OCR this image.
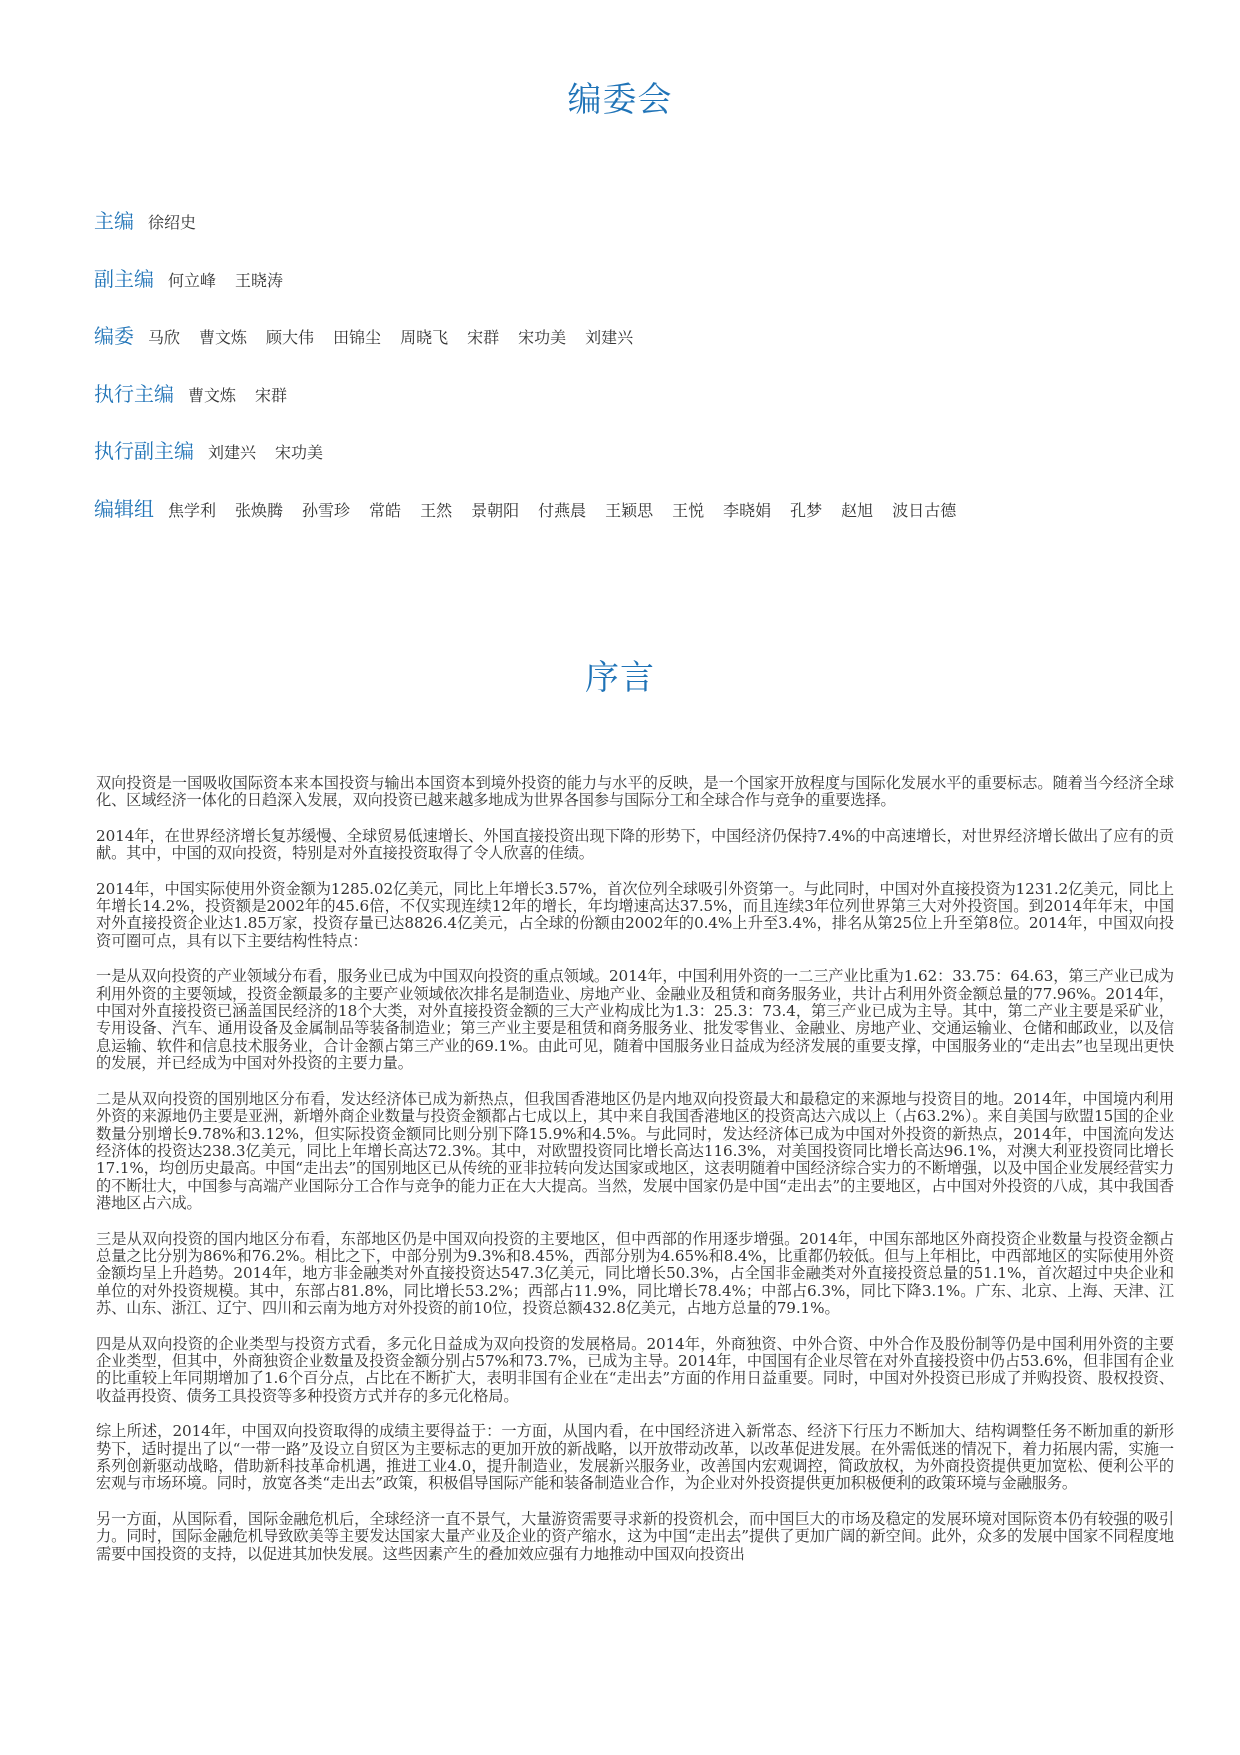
编委会
主编 徐绍史
副主编 何立峰 王晓涛
编委 马欣 曹文炼 顾大伟 田锦尘 周晓飞 宋群 宋功美 刘建兴
执行主编 曹文炼 宋群
执行副主编 刘建兴 宋功美
编辑组 焦学利 张焕腾 孙雪珍 常皓 王然 景朝阳 付燕晨 王颖思 王悦 李晓娟 孔梦 赵旭 波日古德
序言

双向投资是一国吸收国际资本来本国投资与输出本国资本到境外投资的能力与水平的反映，是一个国家开放程度与国际化发展水平的重要标志。随着当今经济全球化、区域经济一体化的日趋深入发展，双向投资已越来越多地成为世界各国参与国际分工和全球合作与竞争的重要选择。

2014年，在世界经济增长复苏缓慢、全球贸易低速增长、外国直接投资出现下降的形势下，中国经济仍保持7.4%的中高速增长，对世界经济增长做出了应有的贡献。其中，中国的双向投资，特别是对外直接投资取得了令人欣喜的佳绩。

2014年，中国实际使用外资金额为1285.02亿美元，同比上年增长3.57%，首次位列全球吸引外资第一。与此同时，中国对外直接投资为1231.2亿美元，同比上年增长14.2%，投资额是2002年的45.6倍，不仅实现连续12年的增长，年均增速高达37.5%，而且连续3年位列世界第三大对外投资国。到2014年年末，中国对外直接投资企业达1.85万家，投资存量已达8826.4亿美元，占全球的份额由2002年的0.4%上升至3.4%，排名从第25位上升至第8位。2014年，中国双向投资可圈可点，具有以下主要结构性特点：

一是从双向投资的产业领域分布看，服务业已成为中国双向投资的重点领域。2014年，中国利用外资的一二三产业比重为1.62：33.75：64.63，第三产业已成为利用外资的主要领域，投资金额最多的主要产业领域依次排名是制造业、房地产业、金融业及租赁和商务服务业，共计占利用外资金额总量的77.96%。2014年，中国对外直接投资已涵盖国民经济的18个大类，对外直接投资金额的三大产业构成比为1.3：25.3：73.4，第三产业已成为主导。其中，第二产业主要是采矿业，专用设备、汽车、通用设备及金属制品等装备制造业；第三产业主要是租赁和商务服务业、批发零售业、金融业、房地产业、交通运输业、仓储和邮政业，以及信息运输、软件和信息技术服务业，合计金额占第三产业的69.1%。由此可见，随着中国服务业日益成为经济发展的重要支撑，中国服务业的“走出去”也呈现出更快的发展，并已经成为中国对外投资的主要力量。

二是从双向投资的国别地区分布看，发达经济体已成为新热点，但我国香港地区仍是内地双向投资最大和最稳定的来源地与投资目的地。2014年，中国境内利用外资的来源地仍主要是亚洲，新增外商企业数量与投资金额都占七成以上，其中来自我国香港地区的投资高达六成以上（占63.2%）。来自美国与欧盟15国的企业数量分别增长9.78%和3.12%，但实际投资金额同比则分别下降15.9%和4.5%。与此同时，发达经济体已成为中国对外投资的新热点，2014年，中国流向发达经济体的投资达238.3亿美元，同比上年增长高达72.3%。其中，对欧盟投资同比增长高达116.3%，对美国投资同比增长高达96.1%，对澳大利亚投资同比增长17.1%，均创历史最高。中国“走出去”的国别地区已从传统的亚非拉转向发达国家或地区，这表明随着中国经济综合实力的不断增强，以及中国企业发展经营实力的不断壮大，中国参与高端产业国际分工合作与竞争的能力正在大大提高。当然，发展中国家仍是中国“走出去”的主要地区，占中国对外投资的八成，其中我国香港地区占六成。

三是从双向投资的国内地区分布看，东部地区仍是中国双向投资的主要地区，但中西部的作用逐步增强。2014年，中国东部地区外商投资企业数量与投资金额占总量之比分别为86%和76.2%。相比之下，中部分别为9.3%和8.45%，西部分别为4.65%和8.4%，比重都仍较低。但与上年相比，中西部地区的实际使用外资金额均呈上升趋势。2014年，地方非金融类对外直接投资达547.3亿美元，同比增长50.3%，占全国非金融类对外直接投资总量的51.1%，首次超过中央企业和单位的对外投资规模。其中，东部占81.8%，同比增长53.2%；西部占11.9%，同比增长78.4%；中部占6.3%，同比下降3.1%。广东、北京、上海、天津、江苏、山东、浙江、辽宁、四川和云南为地方对外投资的前10位，投资总额432.8亿美元，占地方总量的79.1%。

四是从双向投资的企业类型与投资方式看，多元化日益成为双向投资的发展格局。2014年，外商独资、中外合资、中外合作及股份制等仍是中国利用外资的主要企业类型，但其中，外商独资企业数量及投资金额分别占57%和73.7%，已成为主导。2014年，中国国有企业尽管在对外直接投资中仍占53.6%，但非国有企业的比重较上年同期增加了1.6个百分点，占比在不断扩大，表明非国有企业在“走出去”方面的作用日益重要。同时，中国对外投资已形成了并购投资、股权投资、收益再投资、债务工具投资等多种投资方式并存的多元化格局。

综上所述，2014年，中国双向投资取得的成绩主要得益于：一方面，从国内看，在中国经济进入新常态、经济下行压力不断加大、结构调整任务不断加重的新形势下，适时提出了以“一带一路”及设立自贸区为主要标志的更加开放的新战略，以开放带动改革，以改革促进发展。在外需低迷的情况下，着力拓展内需，实施一系列创新驱动战略，借助新科技革命机遇，推进工业4.0，提升制造业，发展新兴服务业，改善国内宏观调控，简政放权，为外商投资提供更加宽松、便利公平的宏观与市场环境。同时，放宽各类“走出去”政策，积极倡导国际产能和装备制造业合作，为企业对外投资提供更加积极便利的政策环境与金融服务。

另一方面，从国际看，国际金融危机后，全球经济一直不景气，大量游资需要寻求新的投资机会，而中国巨大的市场及稳定的发展环境对国际资本仍有较强的吸引力。同时，国际金融危机导致欧美等主要发达国家大量产业及企业的资产缩水，这为中国“走出去”提供了更加广阔的新空间。此外，众多的发展中国家不同程度地需要中国投资的支持，以促进其加快发展。这些因素产生的叠加效应强有力地推动中国双向投资出
